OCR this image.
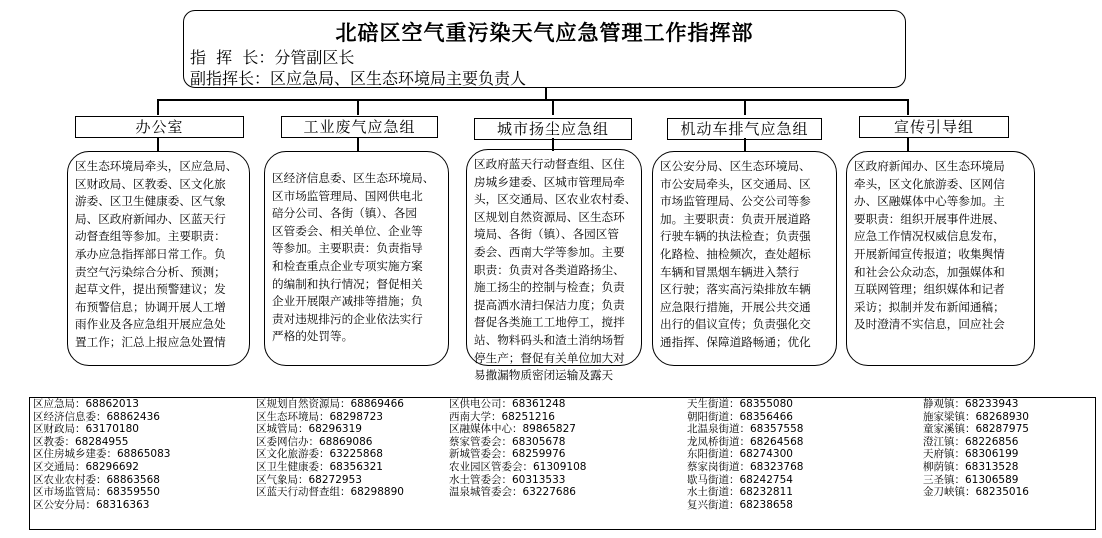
北碚区空气重污染天气应急管理工作指挥部
指  挥  长：分管副区长
副指挥长：区应急局、区生态环境局主要负责人
办公室	工业废气应急组	城市扬尘应急组	机动车排气应急组	宣传引导组
区生态环境局牵头，区应急局、
区财政局、区教委、区文化旅
游委、区卫生健康委、区气象
局、区政府新闻办、区蓝天行
动督查组等参加。主要职责：
承办应急指挥部日常工作。负
责空气污染综合分析、预测；
起草文件，提出预警建议；发
布预警信息；协调开展人工增
雨作业及各应急组开展应急处
置工作；汇总上报应急处置情
区经济信息委、区生态环境局、
区市场监管理局、国网供电北
碚分公司、各街（镇）、各园
区管委会、相关单位、企业等
等参加。主要职责：负责指导
和检查重点企业专项实施方案
的编制和执行情况；督促相关
企业开展限产减排等措施；负
责对违规排污的企业依法实行
严格的处罚等。
区政府蓝天行动督查组、区住
房城乡建委、区城市管理局牵
头，区交通局、区农业农村委、
区规划自然资源局、区生态环
境局、各街（镇）、各园区管
委会、西南大学等参加。主要
职责：负责对各类道路扬尘、
施工扬尘的控制与检查；负责
提高洒水清扫保洁力度；负责
督促各类施工工地停工，搅拌
站、物料码头和渣土消纳场暂
停生产；督促有关单位加大对
易撒漏物质密闭运输及露天
区公安分局、区生态环境局、
市公安局牵头，区交通局、区
市场监管理局、公交公司等参
加。主要职责：负责开展道路
行驶车辆的执法检查；负责强
化路检、抽检频次，查处超标
车辆和冒黑烟车辆进入禁行
区行驶；落实高污染排放车辆
应急限行措施，开展公共交通
出行的倡议宣传；负责强化交
通指挥、保障道路畅通；优化
区政府新闻办、区生态环境局
牵头，区文化旅游委、区网信
办、区融媒体中心等参加。主
要职责：组织开展事件进展、
应急工作情况权威信息发布，
开展新闻宣传报道；收集舆情
和社会公众动态，加强媒体和
互联网管理；组织媒体和记者
采访；拟制并发布新闻通稿；
及时澄清不实信息，回应社会
区应急局：68862013
区经济信息委：68862436
区财政局：63170180
区教委：68284955
区住房城乡建委：68865083
区交通局：68296692
区农业农村委：68863568
区市场监管局：68359550
区公安分局：68316363
区规划自然资源局：68869466
区生态环境局：68298723
区城管局：68296319
区委网信办：68869086
区文化旅游委：63225868
区卫生健康委：68356321
区气象局：68272953
区蓝天行动督查组：68298890
区供电公司：68361248
西南大学：68251216
区融媒体中心：89865827
蔡家管委会：68305678
新城管委会：68259976
农业园区管委会：61309108
水土管委会：60313533
温泉城管委会：63227686
天生街道：68355080
朝阳街道：68356466
北温泉街道：68357558
龙凤桥街道：68264568
东阳街道：68274300
蔡家岗街道：68323768
歇马街道：68242754
水土街道：68232811
复兴街道：68238658
静观镇：68233943
施家梁镇：68268930
童家溪镇：68287975
澄江镇：68226856
天府镇：68306199
柳荫镇：68313528
三圣镇：61306589
金刀峡镇：68235016
